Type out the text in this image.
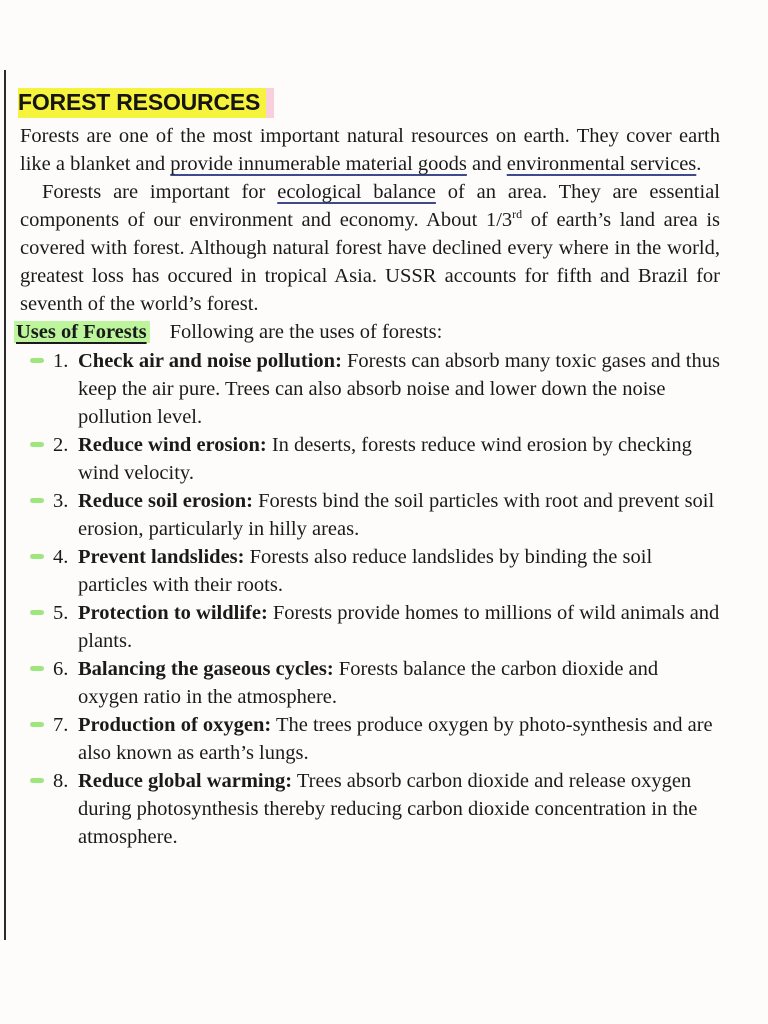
FOREST RESOURCES

Forests are one of the most important natural resources on earth. They cover earth like a blanket and provide innumerable material goods and environmental services.

Forests are important for ecological balance of an area. They are essential components of our environment and economy. About 1/3rd of earth’s land area is covered with forest. Although natural forest have declined every where in the world, greatest loss has occured in tropical Asia. USSR accounts for fifth and Brazil for seventh of the world’s forest.

Uses of Forests Following are the uses of forests:
1. Check air and noise pollution: Forests can absorb many toxic gases and thus keep the air pure. Trees can also absorb noise and lower down the noise pollution level.
2. Reduce wind erosion: In deserts, forests reduce wind erosion by checking wind velocity.
3. Reduce soil erosion: Forests bind the soil particles with root and prevent soil erosion, particularly in hilly areas.
4. Prevent landslides: Forests also reduce landslides by binding the soil particles with their roots.
5. Protection to wildlife: Forests provide homes to millions of wild animals and plants.
6. Balancing the gaseous cycles: Forests balance the carbon dioxide and oxygen ratio in the atmosphere.
7. Production of oxygen: The trees produce oxygen by photo-synthesis and are also known as earth’s lungs.
8. Reduce global warming: Trees absorb carbon dioxide and release oxygen during photosynthesis thereby reducing carbon dioxide concentration in the atmosphere.
